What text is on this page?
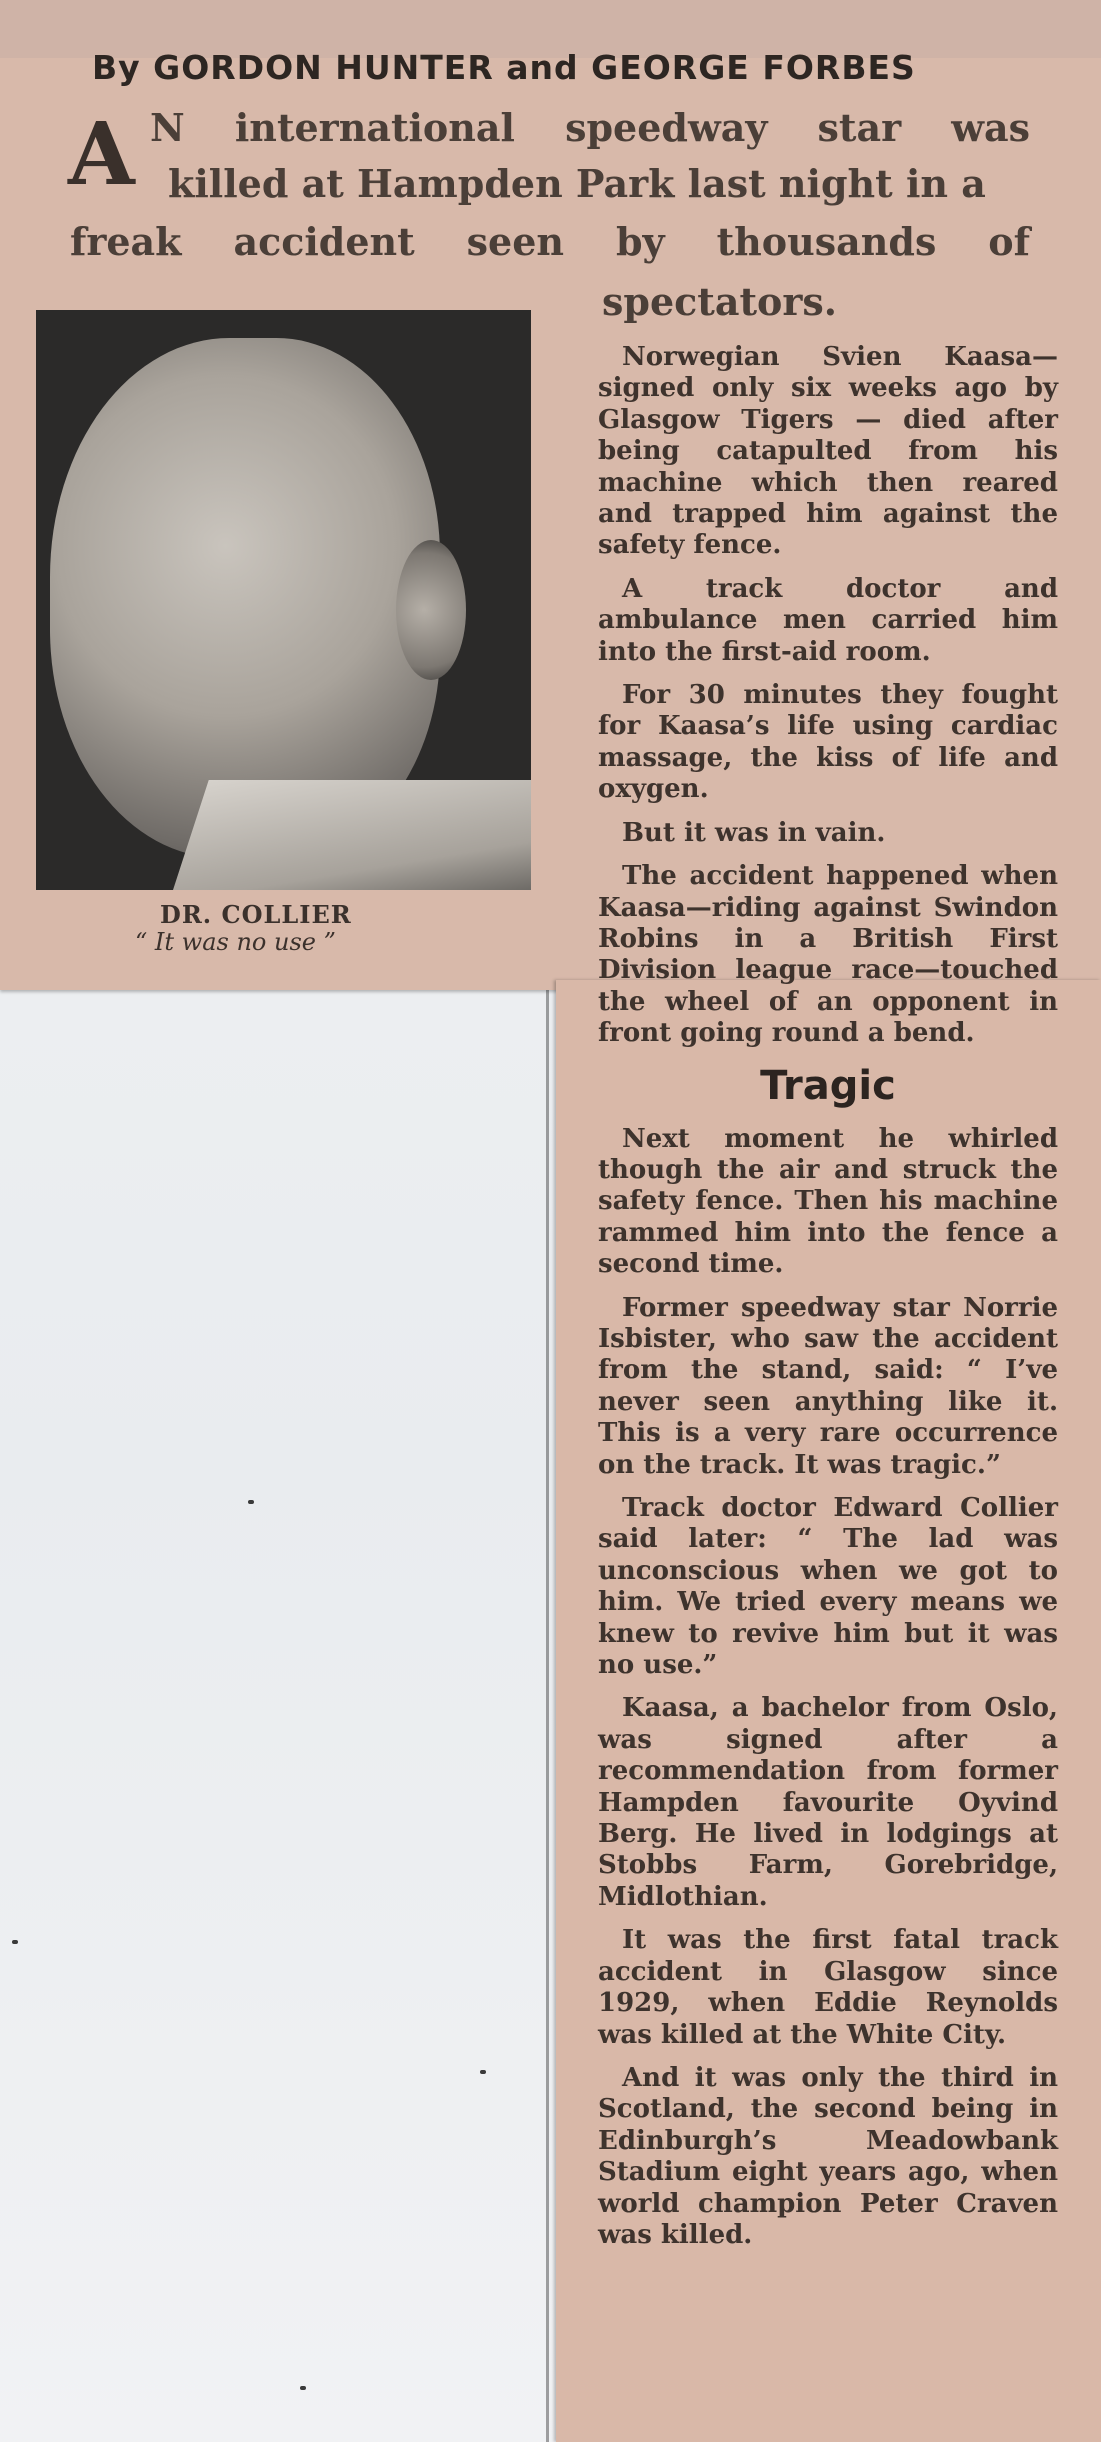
By GORDON HUNTER and GEORGE FORBES
A N international speedway star was
killed at Hampden Park last night in a
freak accident seen by thousands of
spectators.
DR. COLLIER
“ It was no use ”

Norwegian Svien Kaasa—signed only six weeks ago by Glasgow Tigers — died after being catapulted from his machine which then reared and trapped him against the safety fence.

A track doctor and ambulance men carried him into the first-aid room.

For 30 minutes they fought for Kaasa’s life using cardiac massage, the kiss of life and oxygen.

But it was in vain.

The accident happened when Kaasa—riding against Swindon Robins in a British First Division league race—touched the wheel of an opponent in front going round a bend.

Tragic

Next moment he whirled though the air and struck the safety fence. Then his machine rammed him into the fence a second time.

Former speedway star Norrie Isbister, who saw the accident from the stand, said: “ I’ve never seen anything like it. This is a very rare occurrence on the track. It was tragic.”

Track doctor Edward Collier said later: “ The lad was unconscious when we got to him. We tried every means we knew to revive him but it was no use.”

Kaasa, a bachelor from Oslo, was signed after a recommendation from former Hampden favourite Oyvind Berg. He lived in lodgings at Stobbs Farm, Gorebridge, Midlothian.

It was the first fatal track accident in Glasgow since 1929, when Eddie Reynolds was killed at the White City.

And it was only the third in Scotland, the second being in Edinburgh’s Meadowbank Stadium eight years ago, when world champion Peter Craven was killed.
